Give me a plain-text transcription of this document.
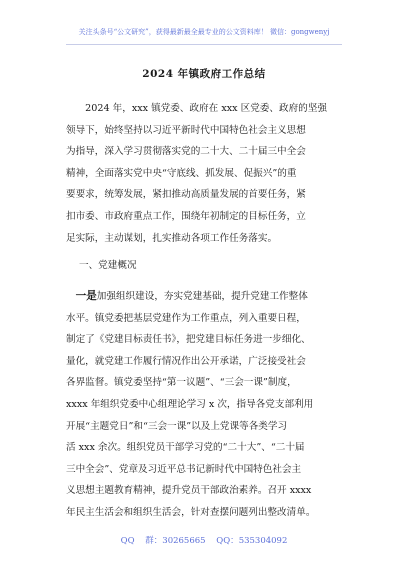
关注头条号“公文研究”，获得最新最全最专业的公文资料库！ 微信：gongwenyj
2024 年镇政府工作总结
　　2024 年，xxx 镇党委、政府在 xxx 区党委、政府的坚强
领导下，始终坚持以习近平新时代中国特色社会主义思想
为指导，深入学习贯彻落实党的二十大、二十届三中全会
精神，全面落实党中央“守底线、抓发展、促振兴”的重
要要求，统筹发展，紧扣推动高质量发展的首要任务，紧
扣市委、市政府重点工作，围绕年初制定的目标任务，立
足实际，主动谋划，扎实推动各项工作任务落实。
一、党建概况
　一是加强组织建设，夯实党建基础，提升党建工作整体
水平。镇党委把基层党建作为工作重点，列入重要日程，
制定了《党建目标责任书》，把党建目标任务进一步细化、
量化，就党建工作履行情况作出公开承诺，广泛接受社会
各界监督。镇党委坚持“第一议题”、“三会一课”制度，
xxxx 年组织党委中心组理论学习 x 次，指导各党支部利用
开展“主题党日”和“三会一课”以及上党课等各类学习
活 xxx 余次。组织党员干部学习党的“二十大”、“二十届
三中全会”、党章及习近平总书记新时代中国特色社会主
义思想主题教育精神，提升党员干部政治素养。召开 xxxx
年民主生活会和组织生活会，针对查摆问题列出整改清单。
QQ 群：30265665 QQ：535304092
